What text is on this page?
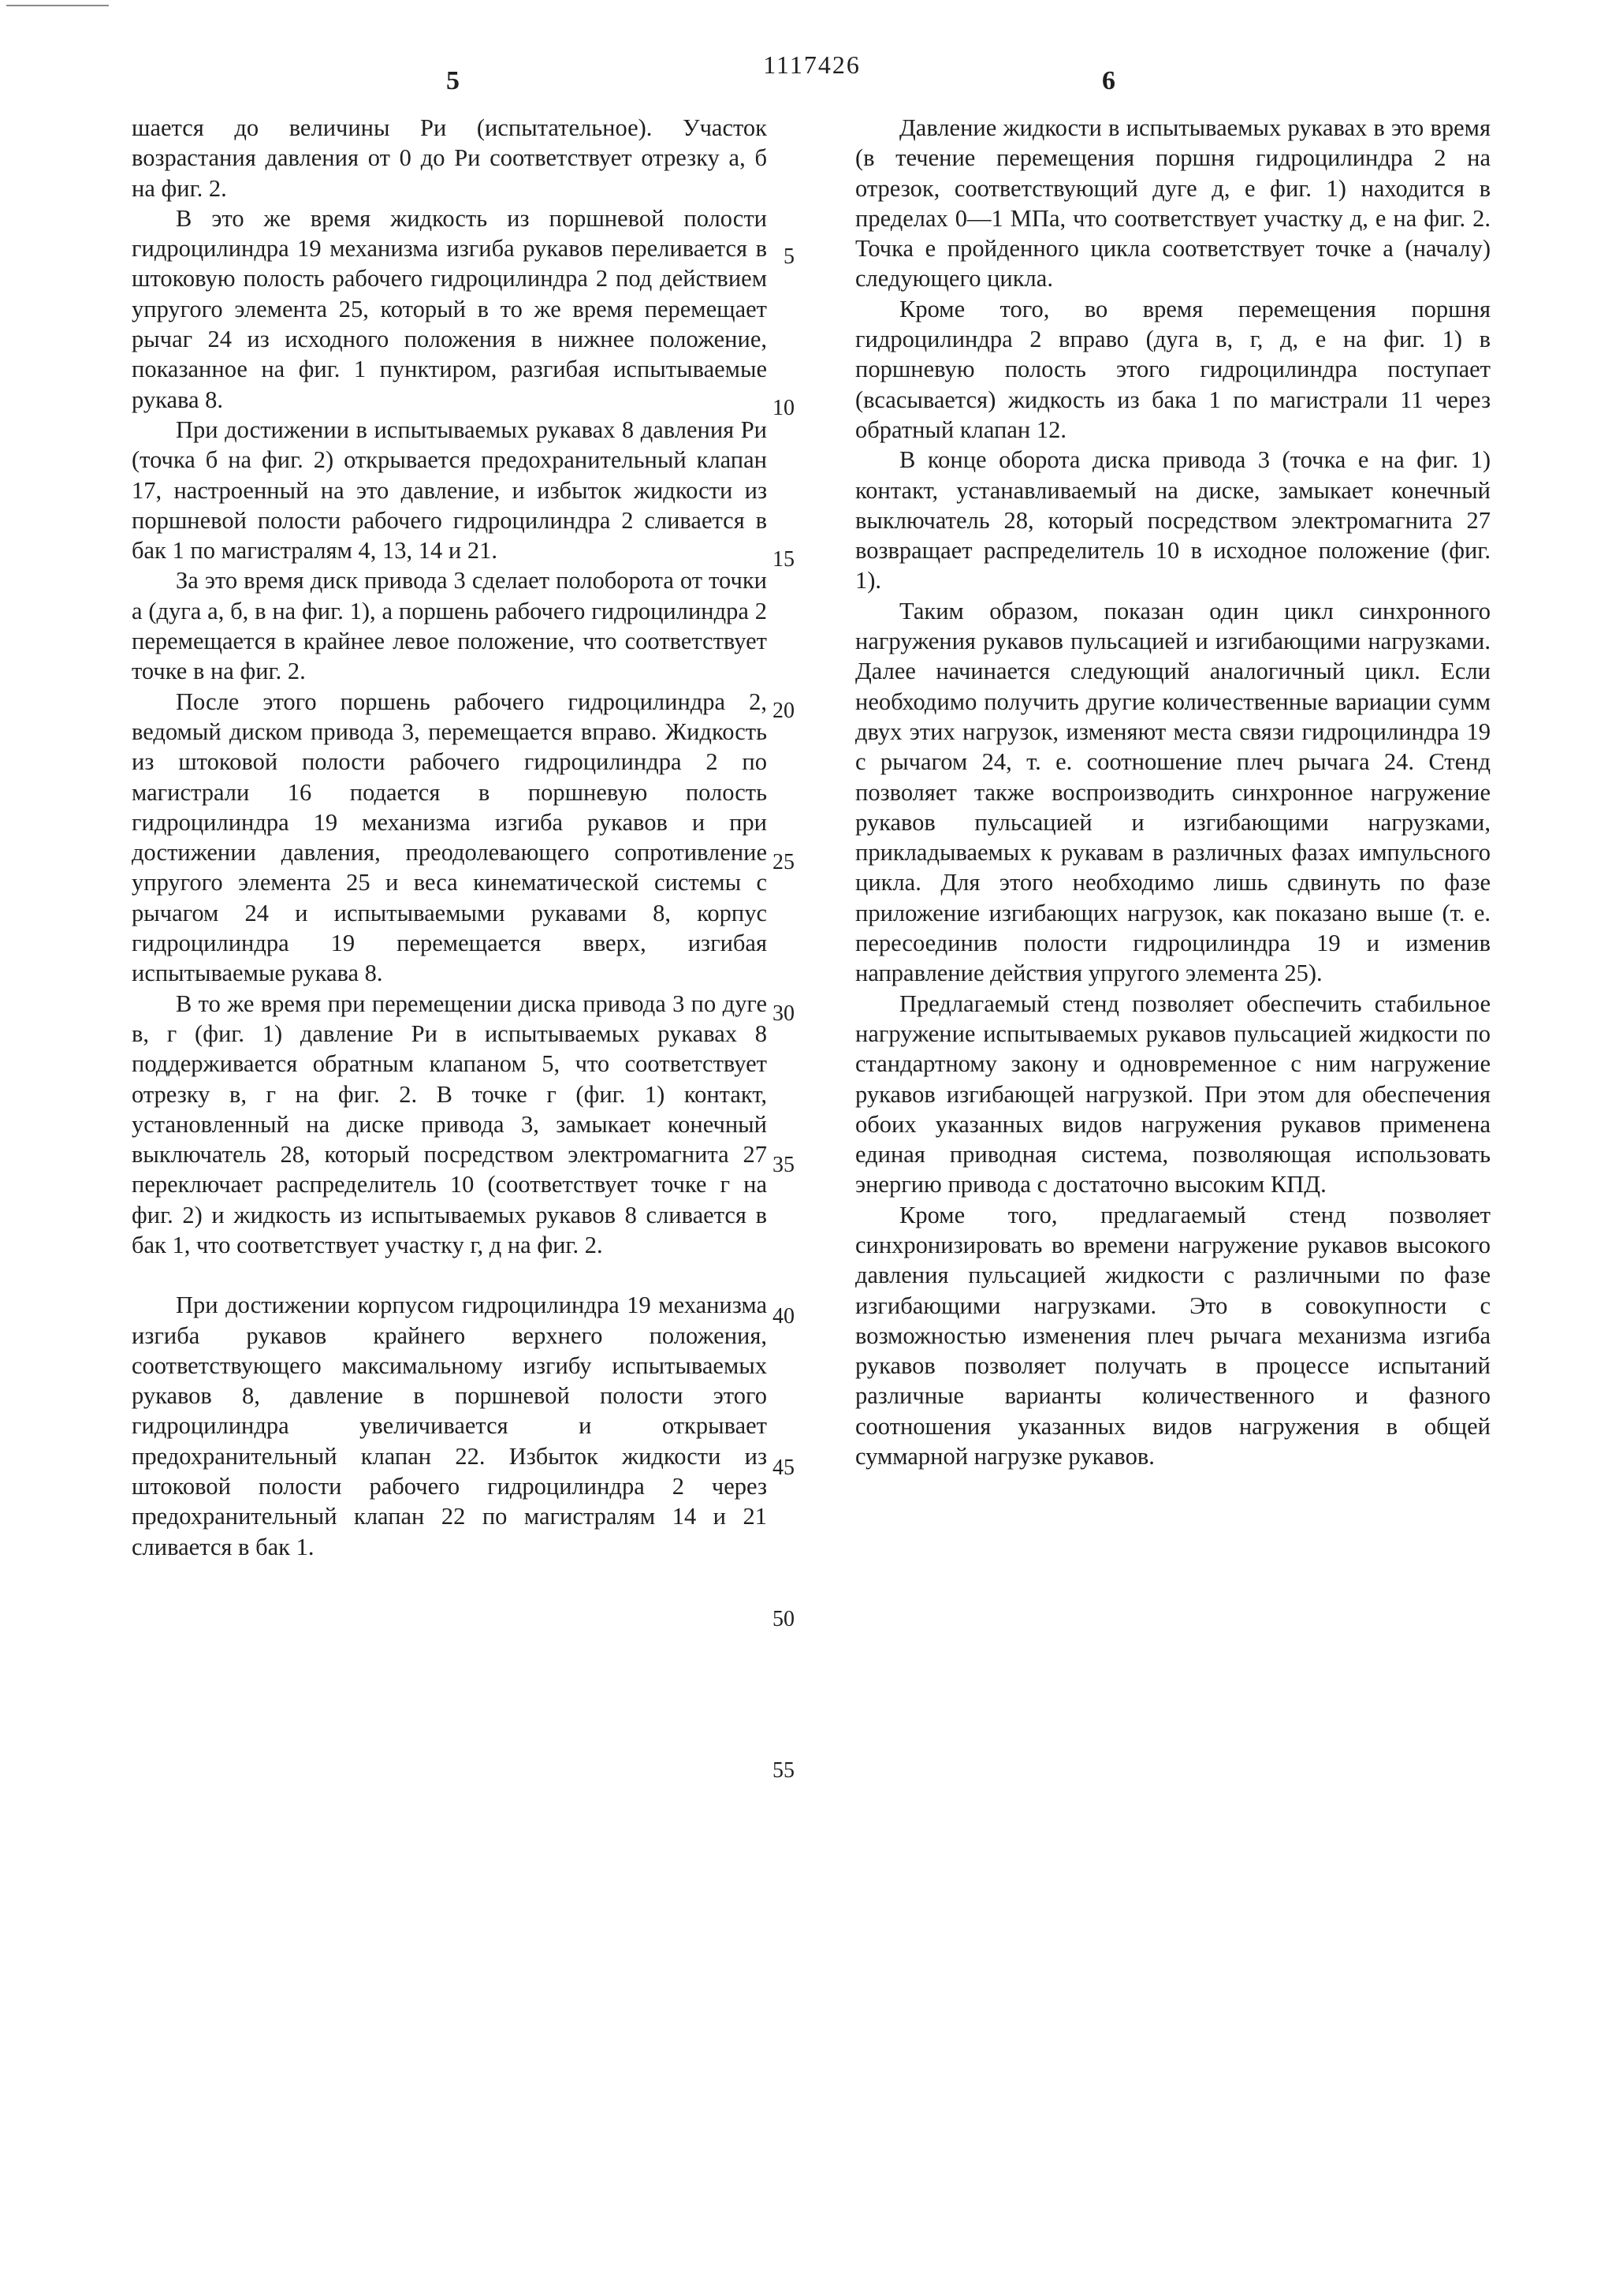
1117426
5	6

шается до величины Pи (испытательное). Участок возрастания давления от 0 до Pи соответствует отрезку а, б на фиг. 2.

В это же время жидкость из поршневой полости гидроцилиндра 19 механизма изгиба рукавов переливается в штоковую полость рабочего гидроцилиндра 2 под действием упругого элемента 25, который в то же время перемещает рычаг 24 из исходного положения в нижнее положение, показанное на фиг. 1 пунктиром, разгибая испытываемые рукава 8.

При достижении в испытываемых рукавах 8 давления Pи (точка б на фиг. 2) открывается предохранительный клапан 17, настроенный на это давление, и избыток жидкости из поршневой полости рабочего гидроцилиндра 2 сливается в бак 1 по магистралям 4, 13, 14 и 21.

За это время диск привода 3 сделает полоборота от точки а (дуга а, б, в на фиг. 1), а поршень рабочего гидроцилиндра 2 перемещается в крайнее левое положение, что соответствует точке в на фиг. 2.

После этого поршень рабочего гидроцилиндра 2, ведомый диском привода 3, перемещается вправо. Жидкость из штоковой полости рабочего гидроцилиндра 2 по магистрали 16 подается в поршневую полость гидроцилиндра 19 механизма изгиба рукавов и при достижении давления, преодолевающего сопротивление упругого элемента 25 и веса кинематической системы с рычагом 24 и испытываемыми рукавами 8, корпус гидроцилиндра 19 перемещается вверх, изгибая испытываемые рукава 8.

В то же время при перемещении диска привода 3 по дуге в, г (фиг. 1) давление Pи в испытываемых рукавах 8 поддерживается обратным клапаном 5, что соответствует отрезку в, г на фиг. 2. В точке г (фиг. 1) контакт, установленный на диске привода 3, замыкает конечный выключатель 28, который посредством электромагнита 27 переключает распределитель 10 (соответствует точке г на фиг. 2) и жидкость из испытываемых рукавов 8 сливается в бак 1, что соответствует участку г, д на фиг. 2.

При достижении корпусом гидроцилиндра 19 механизма изгиба рукавов крайнего верхнего положения, соответствующего максимальному изгибу испытываемых рукавов 8, давление в поршневой полости этого гидроцилиндра увеличивается и открывает предохранительный клапан 22. Избыток жидкости из штоковой полости рабочего гидроцилиндра 2 через предохранительный клапан 22 по магистралям 14 и 21 сливается в бак 1.

5
10
15
20
25
30
35
40
45
50
55

Давление жидкости в испытываемых рукавах в это время (в течение перемещения поршня гидроцилиндра 2 на отрезок, соответствующий дуге д, е фиг. 1) находится в пределах 0—1 МПа, что соответствует участку д, е на фиг. 2. Точка е пройденного цикла соответствует точке а (началу) следующего цикла.

Кроме того, во время перемещения поршня гидроцилиндра 2 вправо (дуга в, г, д, е на фиг. 1) в поршневую полость этого гидроцилиндра поступает (всасывается) жидкость из бака 1 по магистрали 11 через обратный клапан 12.

В конце оборота диска привода 3 (точка е на фиг. 1) контакт, устанавливаемый на диске, замыкает конечный выключатель 28, который посредством электромагнита 27 возвращает распределитель 10 в исходное положение (фиг. 1).

Таким образом, показан один цикл синхронного нагружения рукавов пульсацией и изгибающими нагрузками. Далее начинается следующий аналогичный цикл. Если необходимо получить другие количественные вариации сумм двух этих нагрузок, изменяют места связи гидроцилиндра 19 с рычагом 24, т. е. соотношение плеч рычага 24. Стенд позволяет также воспроизводить синхронное нагружение рукавов пульсацией и изгибающими нагрузками, прикладываемых к рукавам в различных фазах импульсного цикла. Для этого необходимо лишь сдвинуть по фазе приложение изгибающих нагрузок, как показано выше (т. е. пересоединив полости гидроцилиндра 19 и изменив направление действия упругого элемента 25).

Предлагаемый стенд позволяет обеспечить стабильное нагружение испытываемых рукавов пульсацией жидкости по стандартному закону и одновременное с ним нагружение рукавов изгибающей нагрузкой. При этом для обеспечения обоих указанных видов нагружения рукавов применена единая приводная система, позволяющая использовать энергию привода с достаточно высоким КПД.

Кроме того, предлагаемый стенд позволяет синхронизировать во времени нагружение рукавов высокого давления пульсацией жидкости с различными по фазе изгибающими нагрузками. Это в совокупности с возможностью изменения плеч рычага механизма изгиба рукавов позволяет получать в процессе испытаний различные варианты количественного и фазного соотношения указанных видов нагружения в общей суммарной нагрузке рукавов.
